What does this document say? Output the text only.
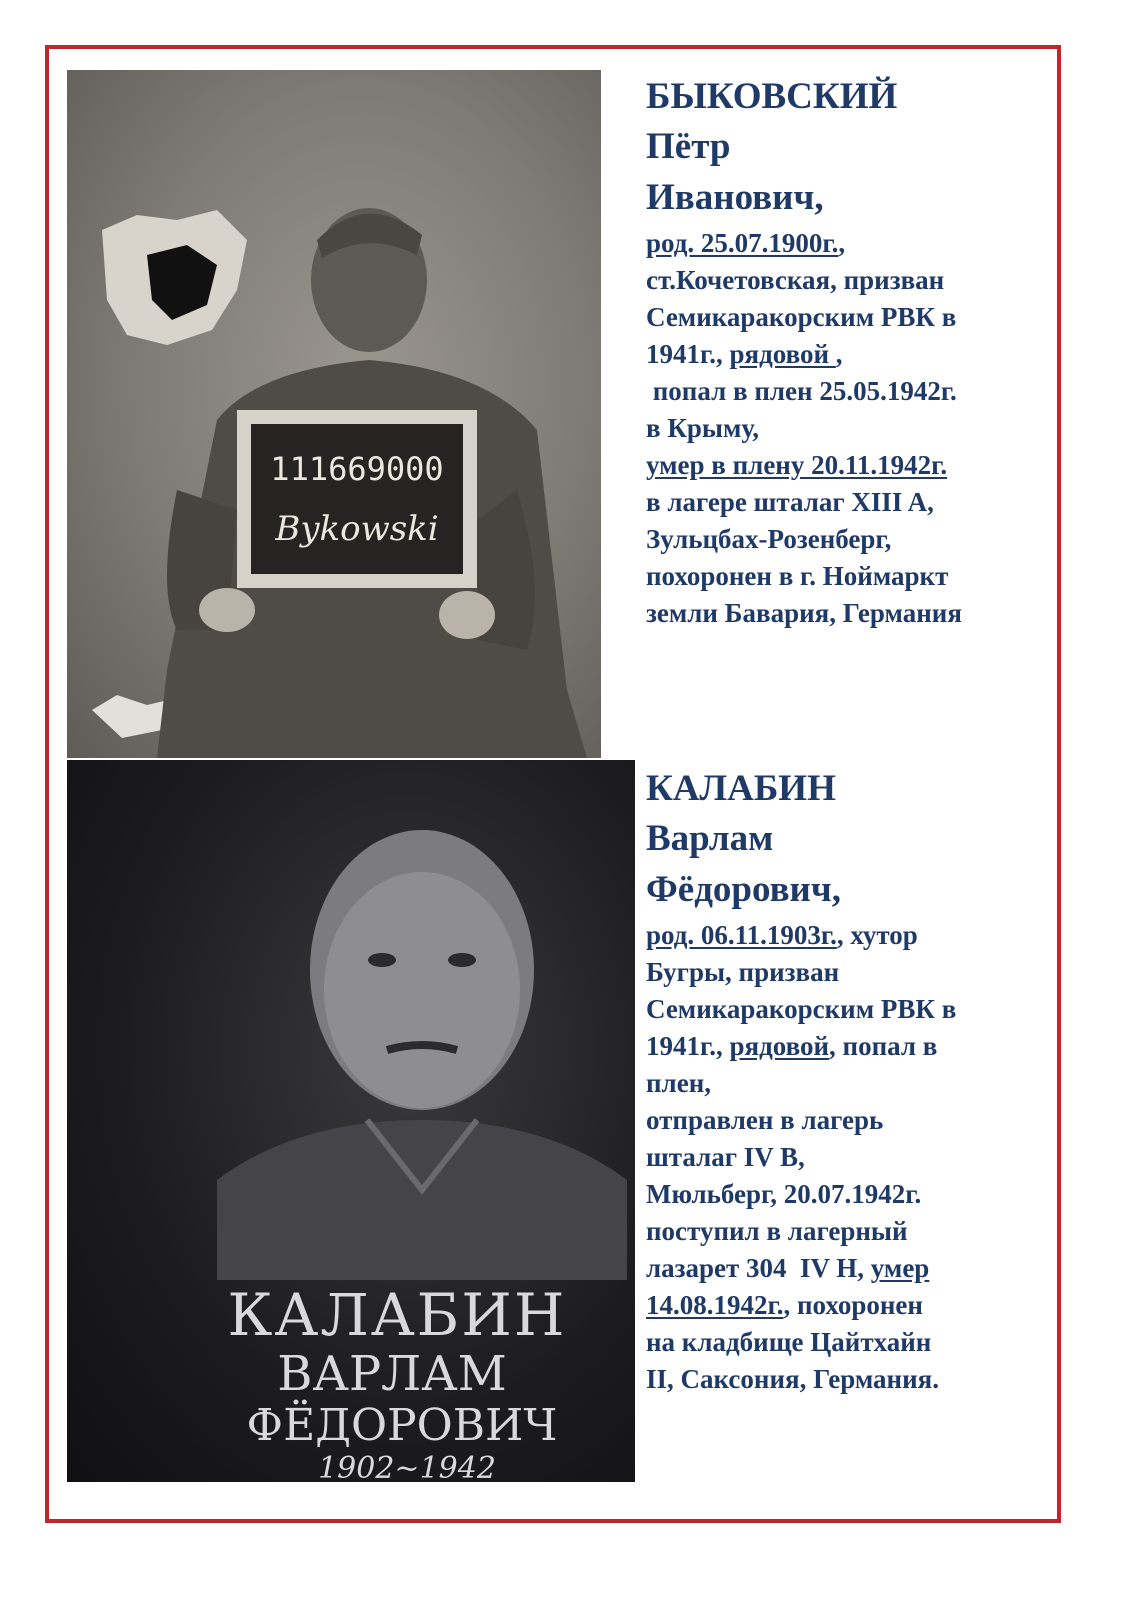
111669000
Bykowski
КАЛАБИН
ВАРЛАМ
ФЁДОРОВИЧ
1902~1942

БЫКОВСКИЙ

Пётр

Иванович,

род. 25.07.1900г.,
ст.Кочетовская, призван
Семикаракорским РВК в
1941г., рядовой ,
попал в плен 25.05.1942г.
в Крыму,
умер в плену 20.11.1942г.
в лагере шталаг XIII A,
Зульцбах-Розенберг,
похоронен в г. Ноймаркт
земли Бавария, Германия

КАЛАБИН

Варлам

Фёдорович,

род. 06.11.1903г., хутор
Бугры, призван
Семикаракорским РВК в
1941г., рядовой, попал в
плен,
отправлен в лагерь
шталаг IV B,
Мюльберг, 20.07.1942г.
поступил в лагерный
лазарет 304  IV H, умер
14.08.1942г., похоронен
на кладбище Цайтхайн
II, Саксония, Германия.
